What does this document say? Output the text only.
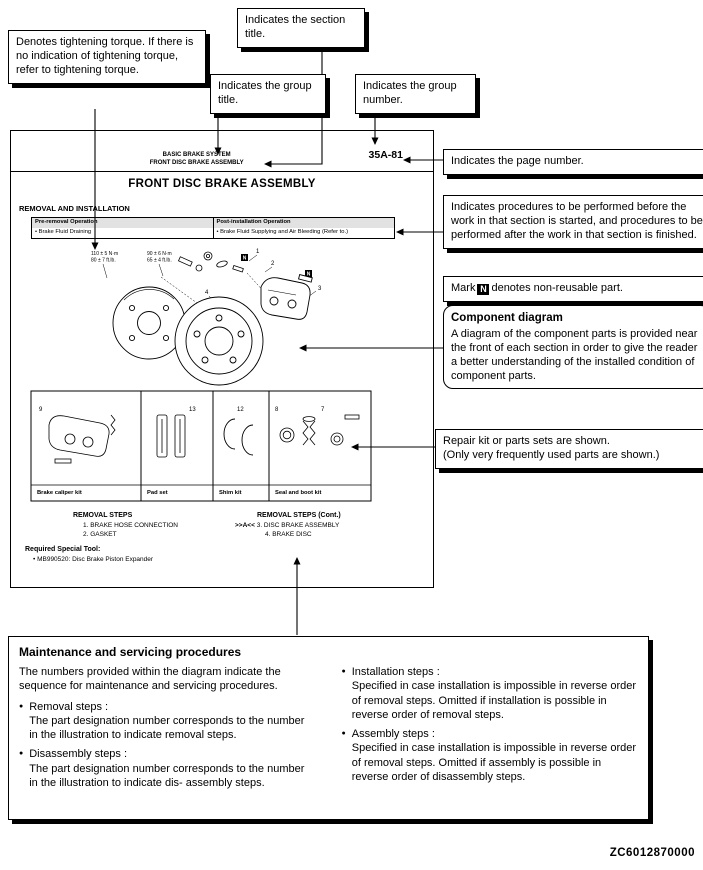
Denotes tightening torque. If there is no indication of tightening torque, refer to tightening torque.
Indicates the section title.
Indicates the group title.
Indicates the group number.
Indicates the page number.
Indicates procedures to be performed before the work in that section is started, and procedures to be performed after the work in that section is finished.
Mark N denotes non-reusable part.
Component diagram
A diagram of the component parts is provided near the front of each section in order to give the reader a better understanding of the installed condition of component parts.
Repair kit or parts sets are shown.
(Only very frequently used parts are shown.)
BASIC BRAKE SYSTEM
FRONT DISC BRAKE ASSEMBLY
35A-81
FRONT DISC BRAKE ASSEMBLY
REMOVAL AND INSTALLATION
Pre-removal Operation
• Brake Fluid Draining
Post-installation Operation
• Brake Fluid Supplying and Air Bleeding (Refer to.)
110 ± 5 N·m
80 ± 7 ft.lb.
90 ± 6 N·m
65 ± 4 ft.lb.	N
N
1
2
3
4
9	13	12	8	7
Brake caliper kit	Pad set	Shim kit	Seal and boot kit
REMOVAL STEPS
1. BRAKE HOSE CONNECTION
2. GASKET
REMOVAL STEPS (Cont.)
>>A<< 3. DISC BRAKE ASSEMBLY
4. BRAKE DISC
Required Special Tool:
• MB990520: Disc Brake Piston Expander
Maintenance and servicing procedures

The numbers provided within the diagram indicate the sequence for maintenance and servicing procedures.

● Removal steps :
The part designation number corresponds to the number in the illustration to indicate removal steps.
● Disassembly steps :
The part designation number corresponds to the number in the illustration to indicate dis- assembly steps.
● Installation steps :
Specified in case installation is impossible in reverse order of removal steps. Omitted if installation is possible in reverse order of removal steps.
● Assembly steps :
Specified in case installation is impossible in reverse order of removal steps. Omitted if assembly is possible in reverse order of disassembly steps.
ZC6012870000
